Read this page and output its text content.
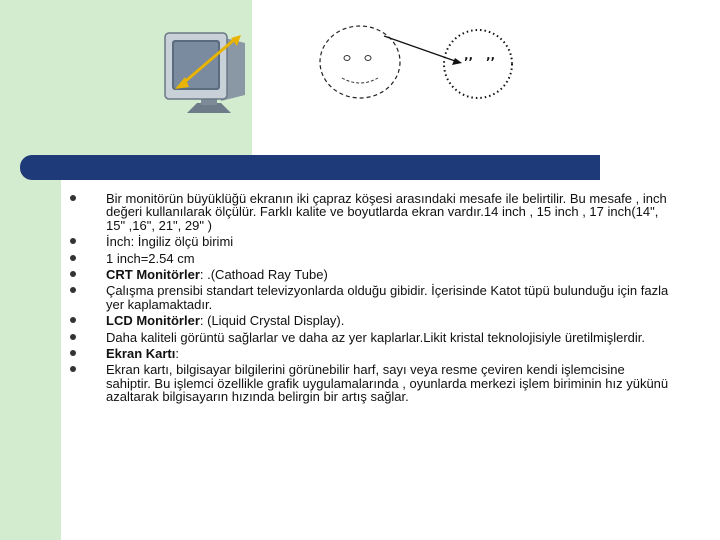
ʼʼ ʼʼ
Bir monitörün büyüklüğü ekranın iki çapraz köşesi arasındaki mesafe ile belirtilir. Bu mesafe , inch değeri kullanılarak ölçülür. Farklı kalite ve boyutlarda ekran vardır.14 inch , 15 inch , 17 inch(14", 15" ,16", 21", 29" )
İnch: İngiliz ölçü birimi
1 inch=2.54 cm
CRT Monitörler: .(Cathoad Ray Tube)
Çalışma prensibi standart televizyonlarda olduğu gibidir. İçerisinde Katot tüpü bulunduğu için fazla yer kaplamaktadır.
LCD Monitörler: (Liquid Crystal Display).
Daha kaliteli görüntü sağlarlar ve daha az yer kaplarlar.Likit kristal teknolojisiyle üretilmişlerdir.
Ekran Kartı:
Ekran kartı, bilgisayar bilgilerini görünebilir harf, sayı veya resme çeviren kendi işlemcisine sahiptir. Bu işlemci özellikle grafik uygulamalarında , oyunlarda merkezi işlem biriminin hız yükünü azaltarak bilgisayarın hızında belirgin bir artış sağlar.
